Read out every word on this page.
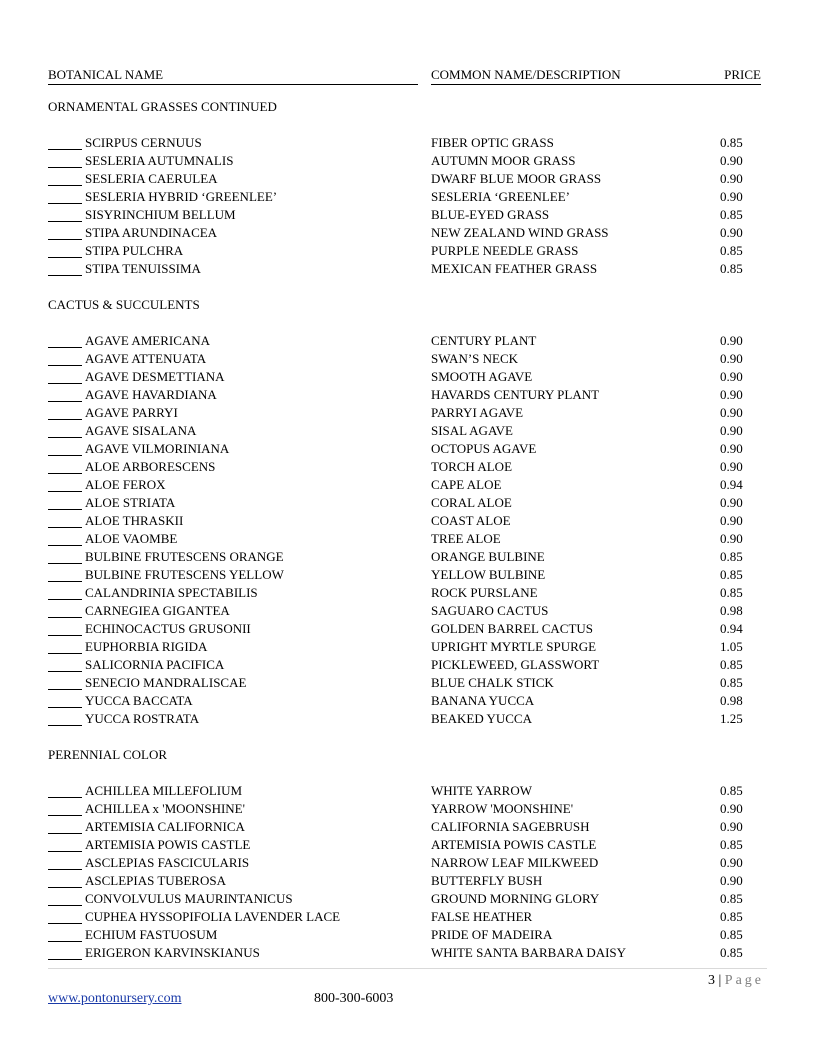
BOTANICAL NAME	COMMON NAME/DESCRIPTION	PRICE
ORNAMENTAL GRASSES CONTINUED
SCIRPUS CERNUUS	FIBER OPTIC GRASS	0.85
SESLERIA AUTUMNALIS	AUTUMN MOOR GRASS	0.90
SESLERIA CAERULEA	DWARF BLUE MOOR GRASS	0.90
SESLERIA HYBRID ‘GREENLEE’	SESLERIA ‘GREENLEE’	0.90
SISYRINCHIUM BELLUM	BLUE-EYED GRASS	0.85
STIPA ARUNDINACEA	NEW ZEALAND WIND GRASS	0.90
STIPA PULCHRA	PURPLE NEEDLE GRASS	0.85
STIPA TENUISSIMA	MEXICAN FEATHER GRASS	0.85
CACTUS & SUCCULENTS
AGAVE AMERICANA	CENTURY PLANT	0.90
AGAVE ATTENUATA	SWAN’S NECK	0.90
AGAVE DESMETTIANA	SMOOTH AGAVE	0.90
AGAVE HAVARDIANA	HAVARDS CENTURY PLANT	0.90
AGAVE PARRYI	PARRYI AGAVE	0.90
AGAVE SISALANA	SISAL AGAVE	0.90
AGAVE VILMORINIANA	OCTOPUS AGAVE	0.90
ALOE ARBORESCENS	TORCH ALOE	0.90
ALOE FEROX	CAPE ALOE	0.94
ALOE STRIATA	CORAL ALOE	0.90
ALOE THRASKII	COAST ALOE	0.90
ALOE VAOMBE	TREE ALOE	0.90
BULBINE FRUTESCENS ORANGE	ORANGE BULBINE	0.85
BULBINE FRUTESCENS YELLOW	YELLOW BULBINE	0.85
CALANDRINIA SPECTABILIS	ROCK PURSLANE	0.85
CARNEGIEA GIGANTEA	SAGUARO CACTUS	0.98
ECHINOCACTUS GRUSONII	GOLDEN BARREL CACTUS	0.94
EUPHORBIA RIGIDA	UPRIGHT MYRTLE SPURGE	1.05
SALICORNIA PACIFICA	PICKLEWEED, GLASSWORT	0.85
SENECIO MANDRALISCAE	BLUE CHALK STICK	0.85
YUCCA BACCATA	BANANA YUCCA	0.98
YUCCA ROSTRATA	BEAKED YUCCA	1.25
PERENNIAL COLOR
ACHILLEA MILLEFOLIUM	WHITE YARROW	0.85
ACHILLEA x 'MOONSHINE'	YARROW 'MOONSHINE'	0.90
ARTEMISIA CALIFORNICA	CALIFORNIA SAGEBRUSH	0.90
ARTEMISIA POWIS CASTLE	ARTEMISIA POWIS CASTLE	0.85
ASCLEPIAS FASCICULARIS	NARROW LEAF MILKWEED	0.90
ASCLEPIAS TUBEROSA	BUTTERFLY BUSH	0.90
CONVOLVULUS MAURINTANICUS	GROUND MORNING GLORY	0.85
CUPHEA HYSSOPIFOLIA LAVENDER LACE	FALSE HEATHER	0.85
ECHIUM FASTUOSUM	PRIDE OF MADEIRA	0.85
ERIGERON KARVINSKIANUS	WHITE SANTA BARBARA DAISY	0.85
3 | Page
www.pontonursery.com	800-300-6003
